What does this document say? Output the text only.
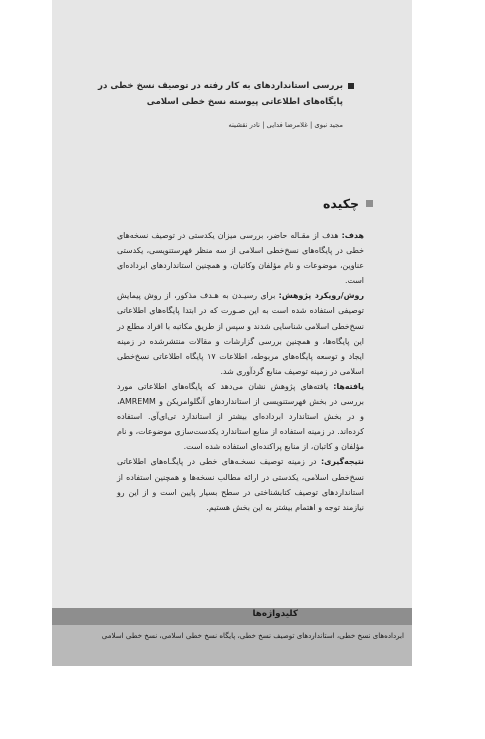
بررسی استانداردهای به کار رفته در توصیف نسخ خطی در
پایگاه‌های اطلاعاتی پیوسته نسخ خطی اسلامی
مجید نبوی | غلامرضا فدایی | نادر نقشینه
چکیده

هدف: هدف از مقـاله حاضر، بررسی میزان یکدستی در توصیف نسخه‌های خطی در پایگاه‌های نسخ‌خطی اسلامی از سه منظر فهرستنویسی، یکدستی عناوین، موضوعات و نام مؤلفان وکاتبان، و همچنین استانداردهای ابرداده‌ای است.

روش/رویکرد پژوهش: برای رسیـدن به هـدف مذکور، از روش پیمایش توصیفی استفاده شده است به این صـورت که در ابتدا پایگاه‌های اطلاعاتی نسخ‌خطی اسلامی شناسایی شدند و سپس از طریق مکاتبه با افراد مطلع در این پایگاه‌ها، و همچنین بررسی گزارشات و مقالات منتشرشده در زمینه ایجاد و توسعه پایگاه‌های مربوطه، اطلاعات ۱۷ پایگاه اطلاعاتی نسخ‌خطی اسلامی در زمینه توصیف منابع گردآوری شد.

یافته‌ها: یافته‌های پژوهش نشان می‌دهد که پایگاه‌های اطلاعاتی مورد بررسی در بخش فهرستنویسی از استانداردهای آنگلوامریکن و AMREMM، و در بخش استاندارد ابرداده‌ای بیشتر از استاندارد تی‌ای‌آی. استفاده کرده‌اند. در زمینه استفاده از منابع استاندارد یکدست‌سازی موضوعات، و نام مؤلفان و کاتبان، از منابع پراکنده‌ای استفاده شده است.

نتیجه‌گیری: در زمینه توصیف نسخـه‌های خطی در پایگـاه‌های اطلاعاتی نسخ‌خطی اسلامی، یکدستی در ارائه مطالب نسخه‌ها و همچنین استفاده از استانداردهای توصیف کتابشناختی در سطح بسیار پایین است و از این رو نیازمند توجه و اهتمام بیشتر به این بخش هستیم.

کلیدواژه‌ها
ابرداده‌های نسخ خطی، استانداردهای توصیف نسخ خطی، پایگاه نسخ خطی اسلامی، نسخ خطی اسلامی
